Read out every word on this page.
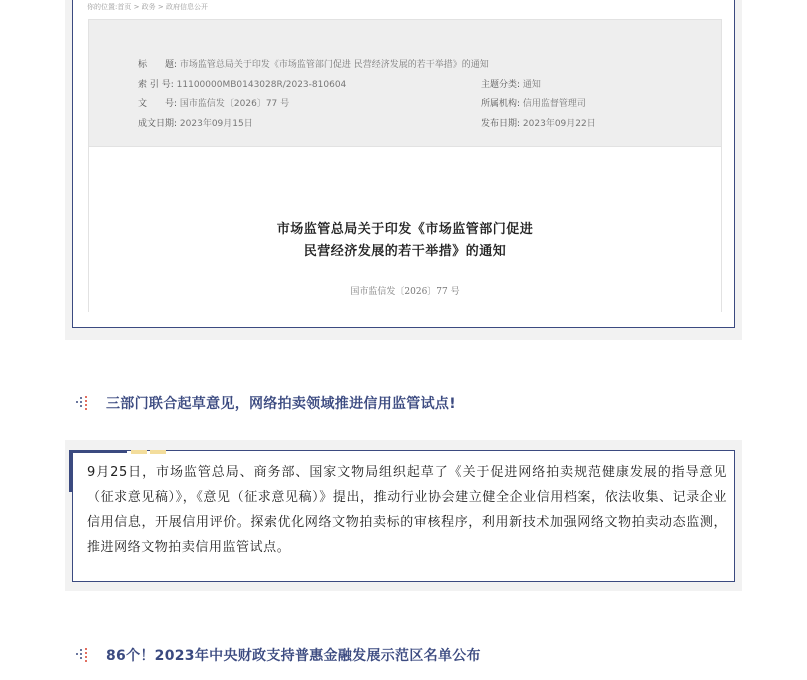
你的位置:首页 > 政务 > 政府信息公开
标　　题: 市场监管总局关于印发《市场监管部门促进 民营经济发展的若干举措》的通知
索 引 号: 11100000MB0143028R/2023-810604
文　　号: 国市监信发〔2026〕77 号
成文日期: 2023年09月15日
主题分类: 通知
所属机构: 信用监督管理司
发布日期: 2023年09月22日
市场监管总局关于印发《市场监管部门促进
民营经济发展的若干举措》的通知
国市监信发〔2026〕77 号
三部门联合起草意见，网络拍卖领域推进信用监管试点!

9月25日，市场监管总局、商务部、国家文物局组织起草了《关于促进网络拍卖规范健康发展的指导意见（征求意见稿）》，《意见（征求意见稿）》提出，推动行业协会建立健全企业信用档案，依法收集、记录企业信用信息，开展信用评价。探索优化网络文物拍卖标的审核程序，利用新技术加强网络文物拍卖动态监测，推进网络文物拍卖信用监管试点。

86个！2023年中央财政支持普惠金融发展示范区名单公布
